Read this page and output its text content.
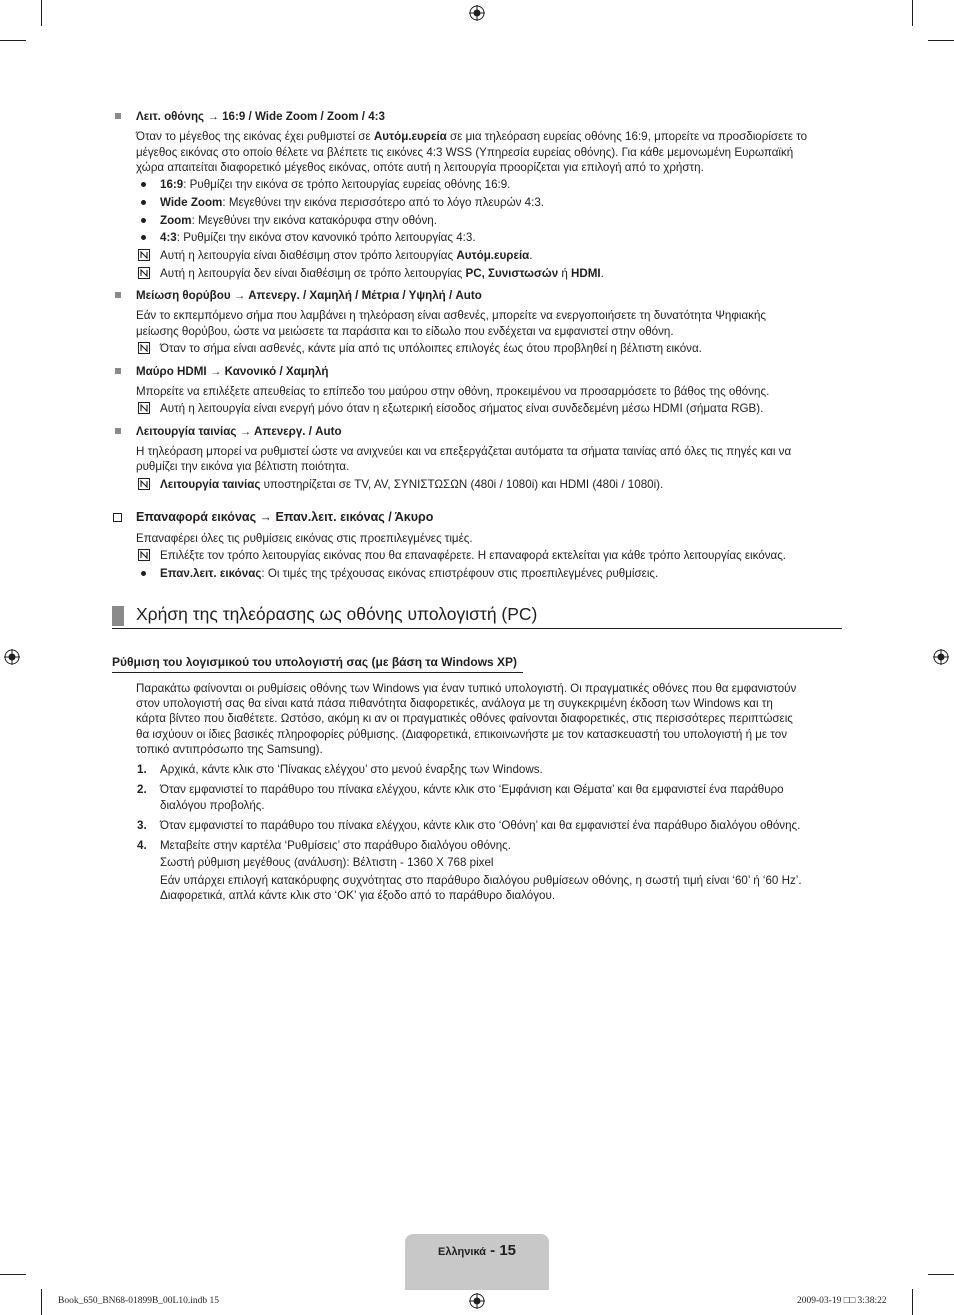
Λειτ. οθόνης → 16:9 / Wide Zoom / Zoom / 4:3
Όταν το μέγεθος της εικόνας έχει ρυθμιστεί σε Αυτόμ.ευρεία σε μια τηλεόραση ευρείας οθόνης 16:9, μπορείτε να προσδιορίσετε το
μέγεθος εικόνας στο οποίο θέλετε να βλέπετε τις εικόνες 4:3 WSS (Υπηρεσία ευρείας οθόνης). Για κάθε μεμονωμένη Ευρωπαϊκή
χώρα απαιτείται διαφορετικό μέγεθος εικόνας, οπότε αυτή η λειτουργία προορίζεται για επιλογή από το χρήστη.
16:9: Ρυθμίζει την εικόνα σε τρόπο λειτουργίας ευρείας οθόνης 16:9.
Wide Zoom: Μεγεθύνει την εικόνα περισσότερο από το λόγο πλευρών 4:3.
Zoom: Μεγεθύνει την εικόνα κατακόρυφα στην οθόνη.
4:3: Ρυθμίζει την εικόνα στον κανονικό τρόπο λειτουργίας 4:3.
Αυτή η λειτουργία είναι διαθέσιμη στον τρόπο λειτουργίας Αυτόμ.ευρεία.
Αυτή η λειτουργία δεν είναι διαθέσιμη σε τρόπο λειτουργίας PC, Συνιστωσών ή HDMI.
Μείωση θορύβου → Απενεργ. / Χαμηλή / Μέτρια / Υψηλή / Auto
Εάν το εκπεμπόμενο σήμα που λαμβάνει η τηλεόραση είναι ασθενές, μπορείτε να ενεργοποιήσετε τη δυνατότητα Ψηφιακής
μείωσης θορύβου, ώστε να μειώσετε τα παράσιτα και το είδωλο που ενδέχεται να εμφανιστεί στην οθόνη.
Όταν το σήμα είναι ασθενές, κάντε μία από τις υπόλοιπες επιλογές έως ότου προβληθεί η βέλτιστη εικόνα.
Μαύρο HDMI → Κανονικό / Χαμηλή
Μπορείτε να επιλέξετε απευθείας το επίπεδο του μαύρου στην οθόνη, προκειμένου να προσαρμόσετε το βάθος της οθόνης.
Αυτή η λειτουργία είναι ενεργή μόνο όταν η εξωτερική είσοδος σήματος είναι συνδεδεμένη μέσω HDMI (σήματα RGB).
Λειτουργία ταινίας → Απενεργ. / Auto
Η τηλεόραση μπορεί να ρυθμιστεί ώστε να ανιχνεύει και να επεξεργάζεται αυτόματα τα σήματα ταινίας από όλες τις πηγές και να
ρυθμίζει την εικόνα για βέλτιστη ποιότητα.
Λειτουργία ταινίας υποστηρίζεται σε TV, AV, ΣΥΝΙΣΤΩΣΩΝ (480i / 1080i) και HDMI (480i / 1080i).
Επαναφορά εικόνας → Επαν.λειτ. εικόνας / Άκυρο
Επαναφέρει όλες τις ρυθμίσεις εικόνας στις προεπιλεγμένες τιμές.
Επιλέξτε τον τρόπο λειτουργίας εικόνας που θα επαναφέρετε. Η επαναφορά εκτελείται για κάθε τρόπο λειτουργίας εικόνας.
Επαν.λειτ. εικόνας: Οι τιμές της τρέχουσας εικόνας επιστρέφουν στις προεπιλεγμένες ρυθμίσεις.
Χρήση της τηλεόρασης ως οθόνης υπολογιστή (PC)
Ρύθμιση του λογισμικού του υπολογιστή σας (με βάση τα Windows XP)
Παρακάτω φαίνονται οι ρυθμίσεις οθόνης των Windows για έναν τυπικό υπολογιστή. Οι πραγματικές οθόνες που θα εμφανιστούν
στον υπολογιστή σας θα είναι κατά πάσα πιθανότητα διαφορετικές, ανάλογα με τη συγκεκριμένη έκδοση των Windows και τη
κάρτα βίντεο που διαθέτετε. Ωστόσο, ακόμη κι αν οι πραγματικές οθόνες φαίνονται διαφορετικές, στις περισσότερες περιπτώσεις
θα ισχύουν οι ίδιες βασικές πληροφορίες ρύθμισης. (Διαφορετικά, επικοινωνήστε με τον κατασκευαστή του υπολογιστή ή με τον
τοπικό αντιπρόσωπο της Samsung).
1. Αρχικά, κάντε κλικ στο ‘Πίνακας ελέγχου’ στο μενού έναρξης των Windows.
2. Όταν εμφανιστεί το παράθυρο του πίνακα ελέγχου, κάντε κλικ στο ‘Εμφάνιση και Θέματα’ και θα εμφανιστεί ένα παράθυρο
διαλόγου προβολής.
3. Όταν εμφανιστεί το παράθυρο του πίνακα ελέγχου, κάντε κλικ στο ‘Οθόνη’ και θα εμφανιστεί ένα παράθυρο διαλόγου οθόνης.
4. Μεταβείτε στην καρτέλα ‘Ρυθμίσεις’ στο παράθυρο διαλόγου οθόνης.
Σωστή ρύθμιση μεγέθους (ανάλυση): Βέλτιστη - 1360 X 768 pixel
Εάν υπάρχει επιλογή κατακόρυφης συχνότητας στο παράθυρο διαλόγου ρυθμίσεων οθόνης, η σωστή τιμή είναι ‘60’ ή ‘60 Hz’.
Διαφορετικά, απλά κάντε κλικ στο ‘OK’ για έξοδο από το παράθυρο διαλόγου.
Ελληνικά - 15
Book_650_BN68-01899B_00L10.indb 15	2009-03-19 □□ 3:38:22
